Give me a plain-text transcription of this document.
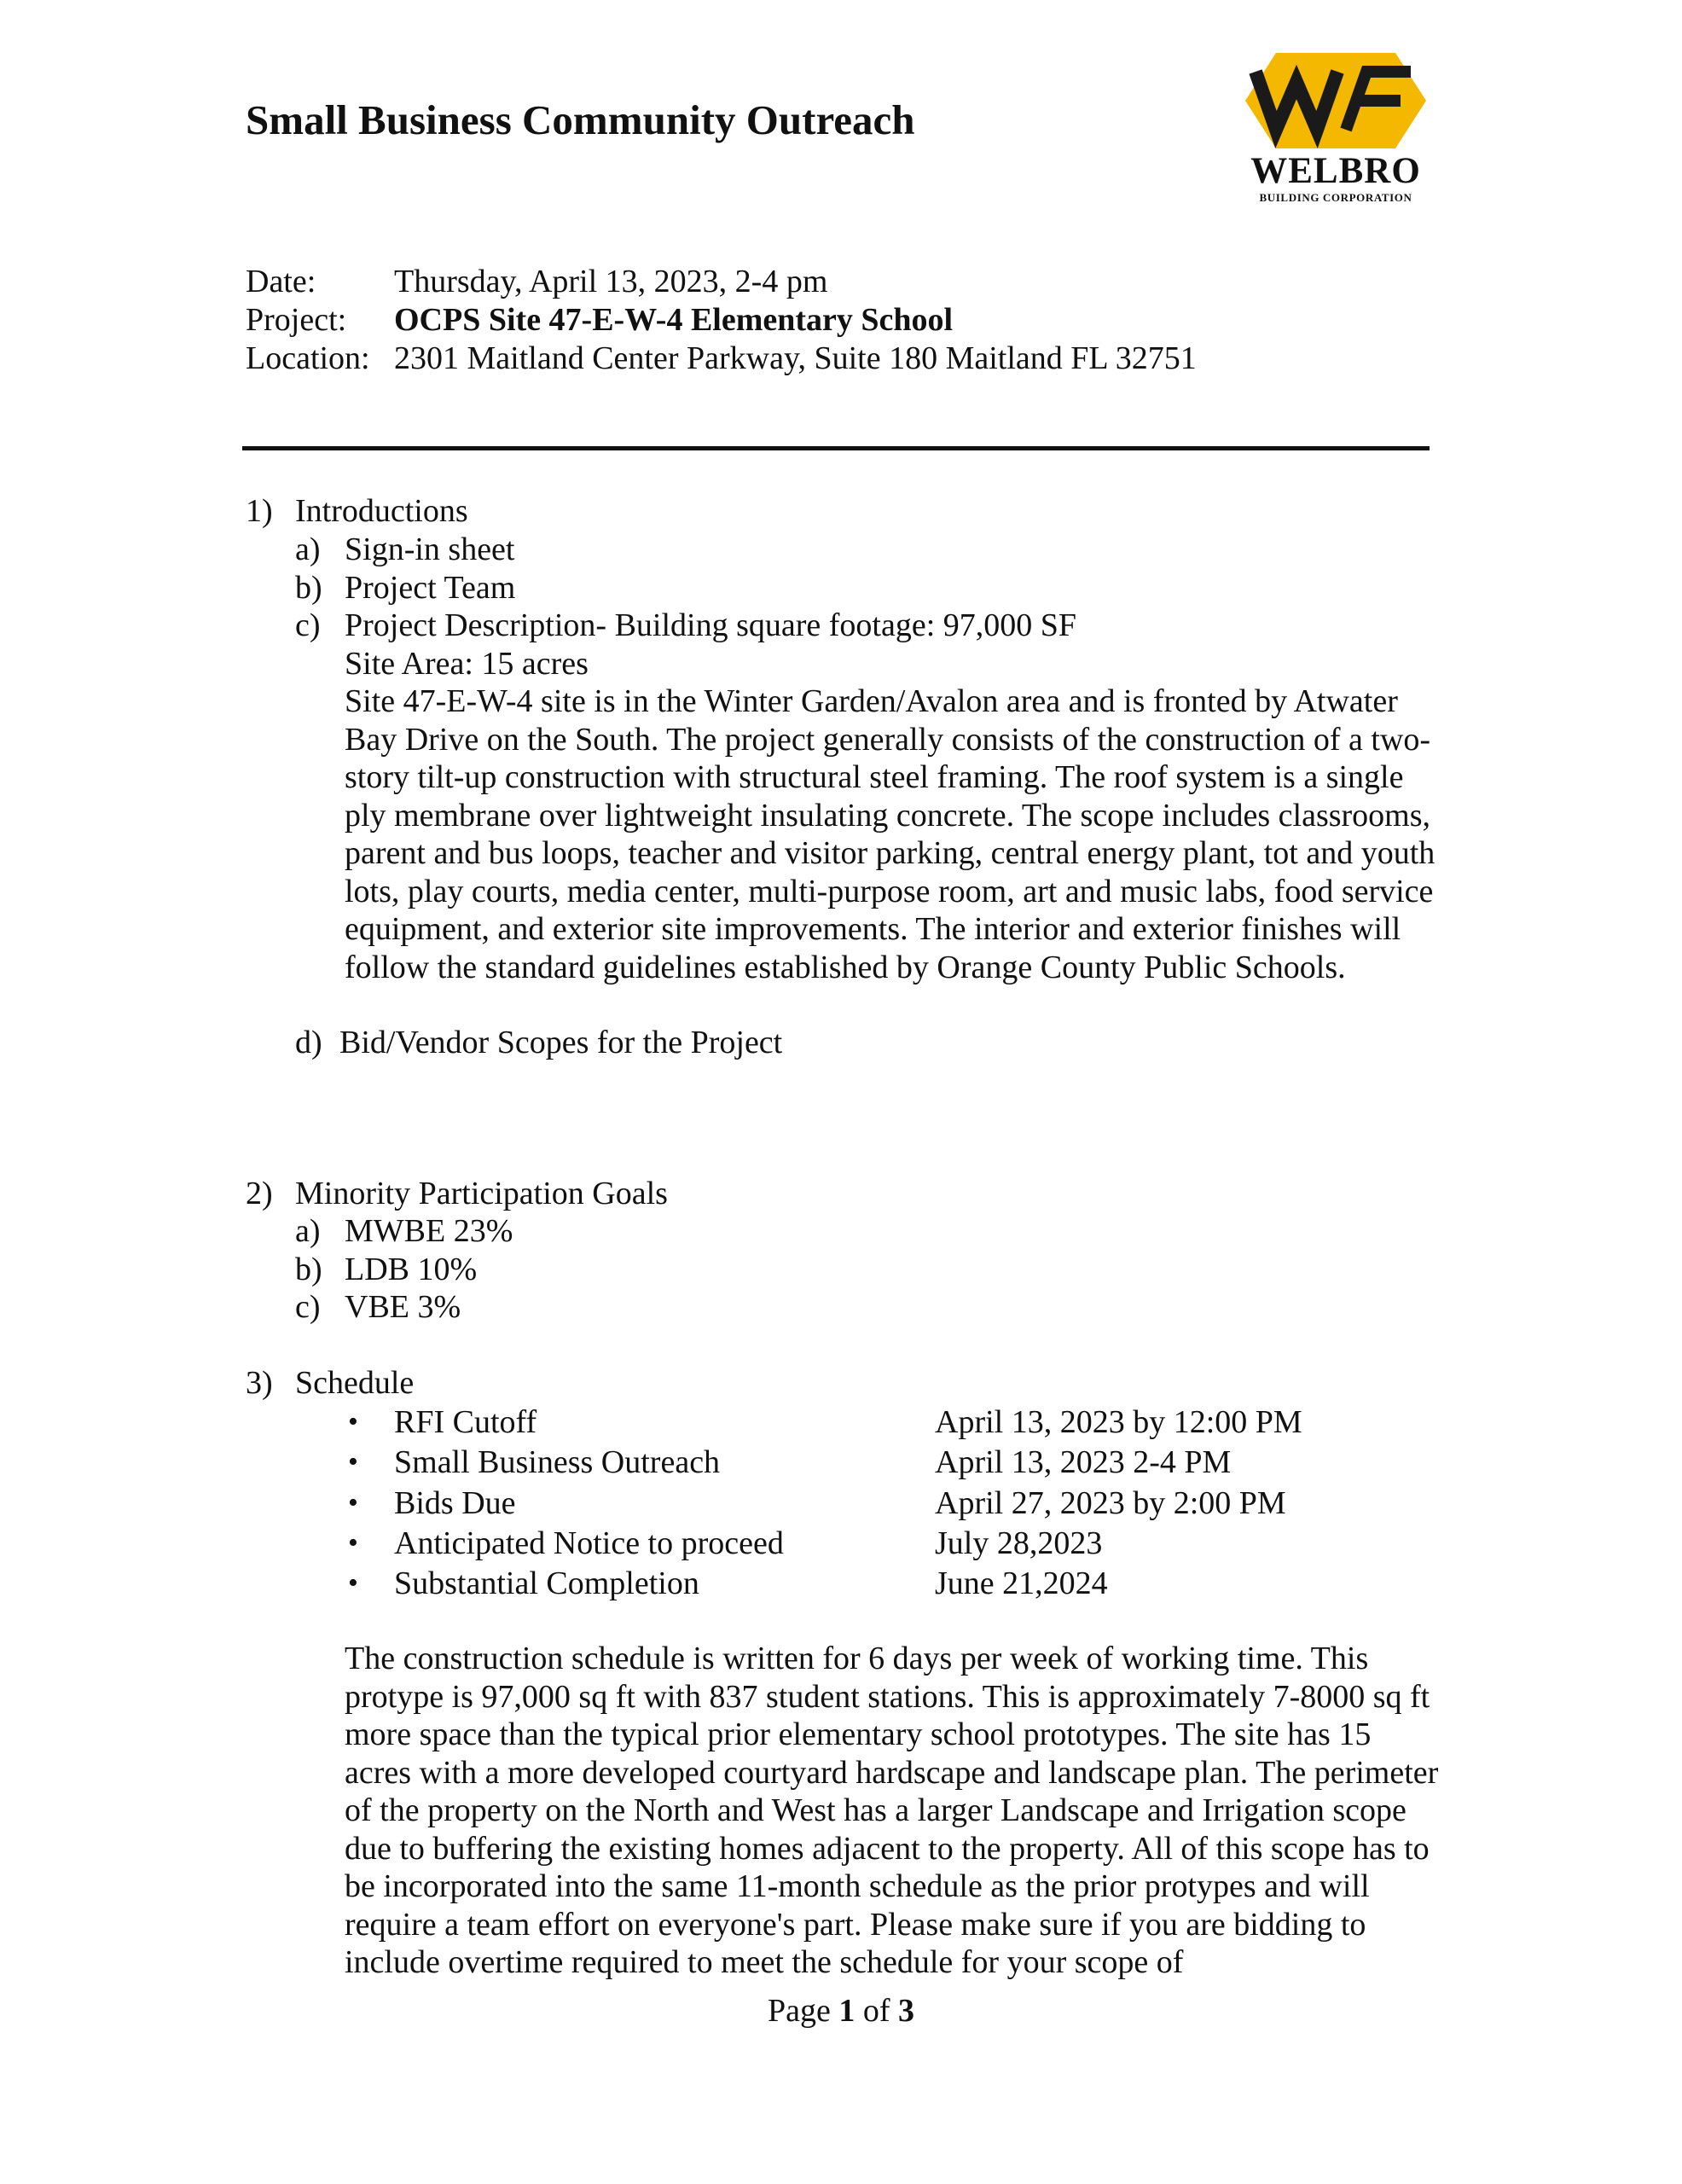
Small Business Community Outreach
WELBRO
BUILDING CORPORATION
Date: Thursday, April 13, 2023, 2-4 pm
Project: OCPS Site 47-E-W-4 Elementary School
Location: 2301 Maitland Center Parkway, Suite 180 Maitland FL 32751
1) Introductions
a) Sign-in sheet
b) Project Team
c) Project Description- Building square footage: 97,000 SF
Site Area: 15 acres

Site 47-E-W-4 site is in the Winter Garden/Avalon area and is fronted by Atwater Bay Drive on the South. The project generally consists of the construction of a two-story tilt-up construction with structural steel framing. The roof system is a single ply membrane over lightweight insulating concrete. The scope includes classrooms, parent and bus loops, teacher and visitor parking, central energy plant, tot and youth lots, play courts, media center, multi-purpose room, art and music labs, food service equipment, and exterior site improvements. The interior and exterior finishes will follow the standard guidelines established by Orange County Public Schools.

d) Bid/Vendor Scopes for the Project
2) Minority Participation Goals
a) MWBE 23%
b) LDB 10%
c) VBE 3%
3) Schedule
• RFI Cutoff	April 13, 2023 by 12:00 PM
• Small Business Outreach	April 13, 2023 2-4 PM
• Bids Due	April 27, 2023 by 2:00 PM
• Anticipated Notice to proceed	July 28,2023
• Substantial Completion	June 21,2024

The construction schedule is written for 6 days per week of working time. This protype is 97,000 sq ft with 837 student stations. This is approximately 7-8000 sq ft more space than the typical prior elementary school prototypes. The site has 15 acres with a more developed courtyard hardscape and landscape plan. The perimeter of the property on the North and West has a larger Landscape and Irrigation scope due to buffering the existing homes adjacent to the property. All of this scope has to be incorporated into the same 11-month schedule as the prior protypes and will require a team effort on everyone's part. Please make sure if you are bidding to include overtime required to meet the schedule for your scope of

Page 1 of 3
